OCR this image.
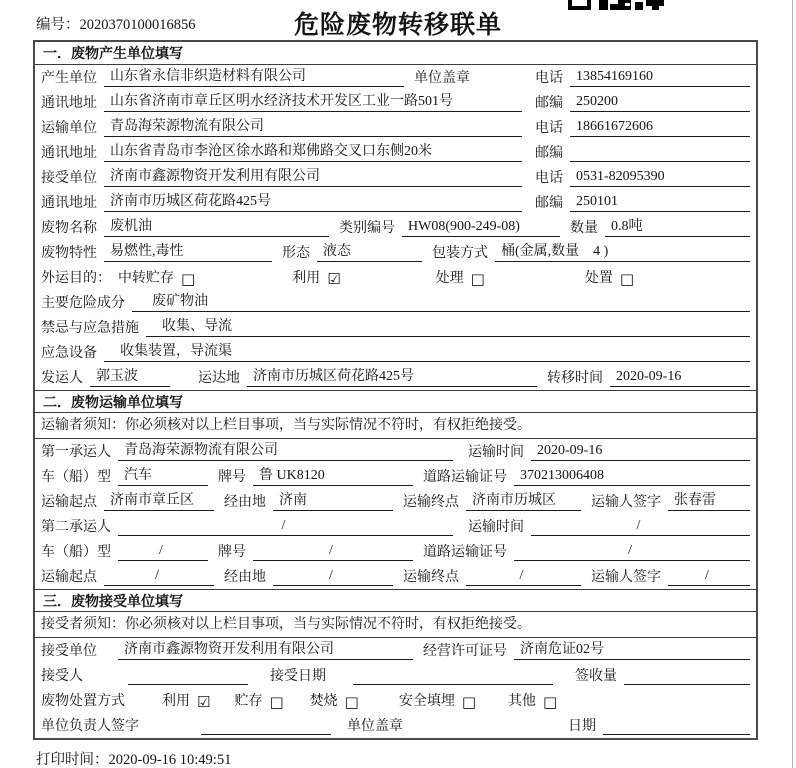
编号：2020370100016856	危险废物转移联单
一．废物产生单位填写
产生单位 山东省永信非织造材料有限公司	单位盖章	电话 13854169160
通讯地址 山东省济南市章丘区明水经济技术开发区工业一路501号	邮编 250200
运输单位 青岛海荣源物流有限公司	电话 18661672606
通讯地址 山东省青岛市李沧区徐水路和郑佛路交叉口东侧20米	邮编
接受单位 济南市鑫源物资开发利用有限公司	电话 0531-82095390
通讯地址 济南市历城区荷花路425号	邮编 250101
废物名称 废机油	类别编号 HW08(900-249-08)	数量 0.8吨
废物特性 易燃性,毒性	形态 液态	包装方式 桶(金属,数量　4 )
外运目的： 中转贮存 □	利用 ☑	处理 □	处置 □
主要危险成分	废矿物油
禁忌与应急措施	收集、导流
应急设备	收集装置，导流渠
发运人 郭玉波	运达地 济南市历城区荷花路425号	转移时间 2020-09-16
二．废物运输单位填写
运输者须知：你必须核对以上栏目事项，当与实际情况不符时，有权拒绝接受。
第一承运人 青岛海荣源物流有限公司	运输时间 2020-09-16
车（船）型 汽车	牌号 鲁 UK8120	道路运输证号 370213006408
运输起点 济南市章丘区	经由地 济南	运输终点 济南市历城区	运输人签字 张春雷
第二承运人	/	运输时间	/
车（船）型	/	牌号	/	道路运输证号	/
运输起点	/	经由地	/	运输终点	/	运输人签字	/
三．废物接受单位填写
接受者须知：你必须核对以上栏目事项，当与实际情况不符时，有权拒绝接受。
接受单位	济南市鑫源物资开发利用有限公司	经营许可证号 济南危证02号
接受人	接受日期	签收量
废物处置方式	利用 ☑ 贮存 □ 焚烧 □	安全填埋 □ 其他 □
单位负责人签字	单位盖章	日期
打印时间：2020-09-16 10:49:51
